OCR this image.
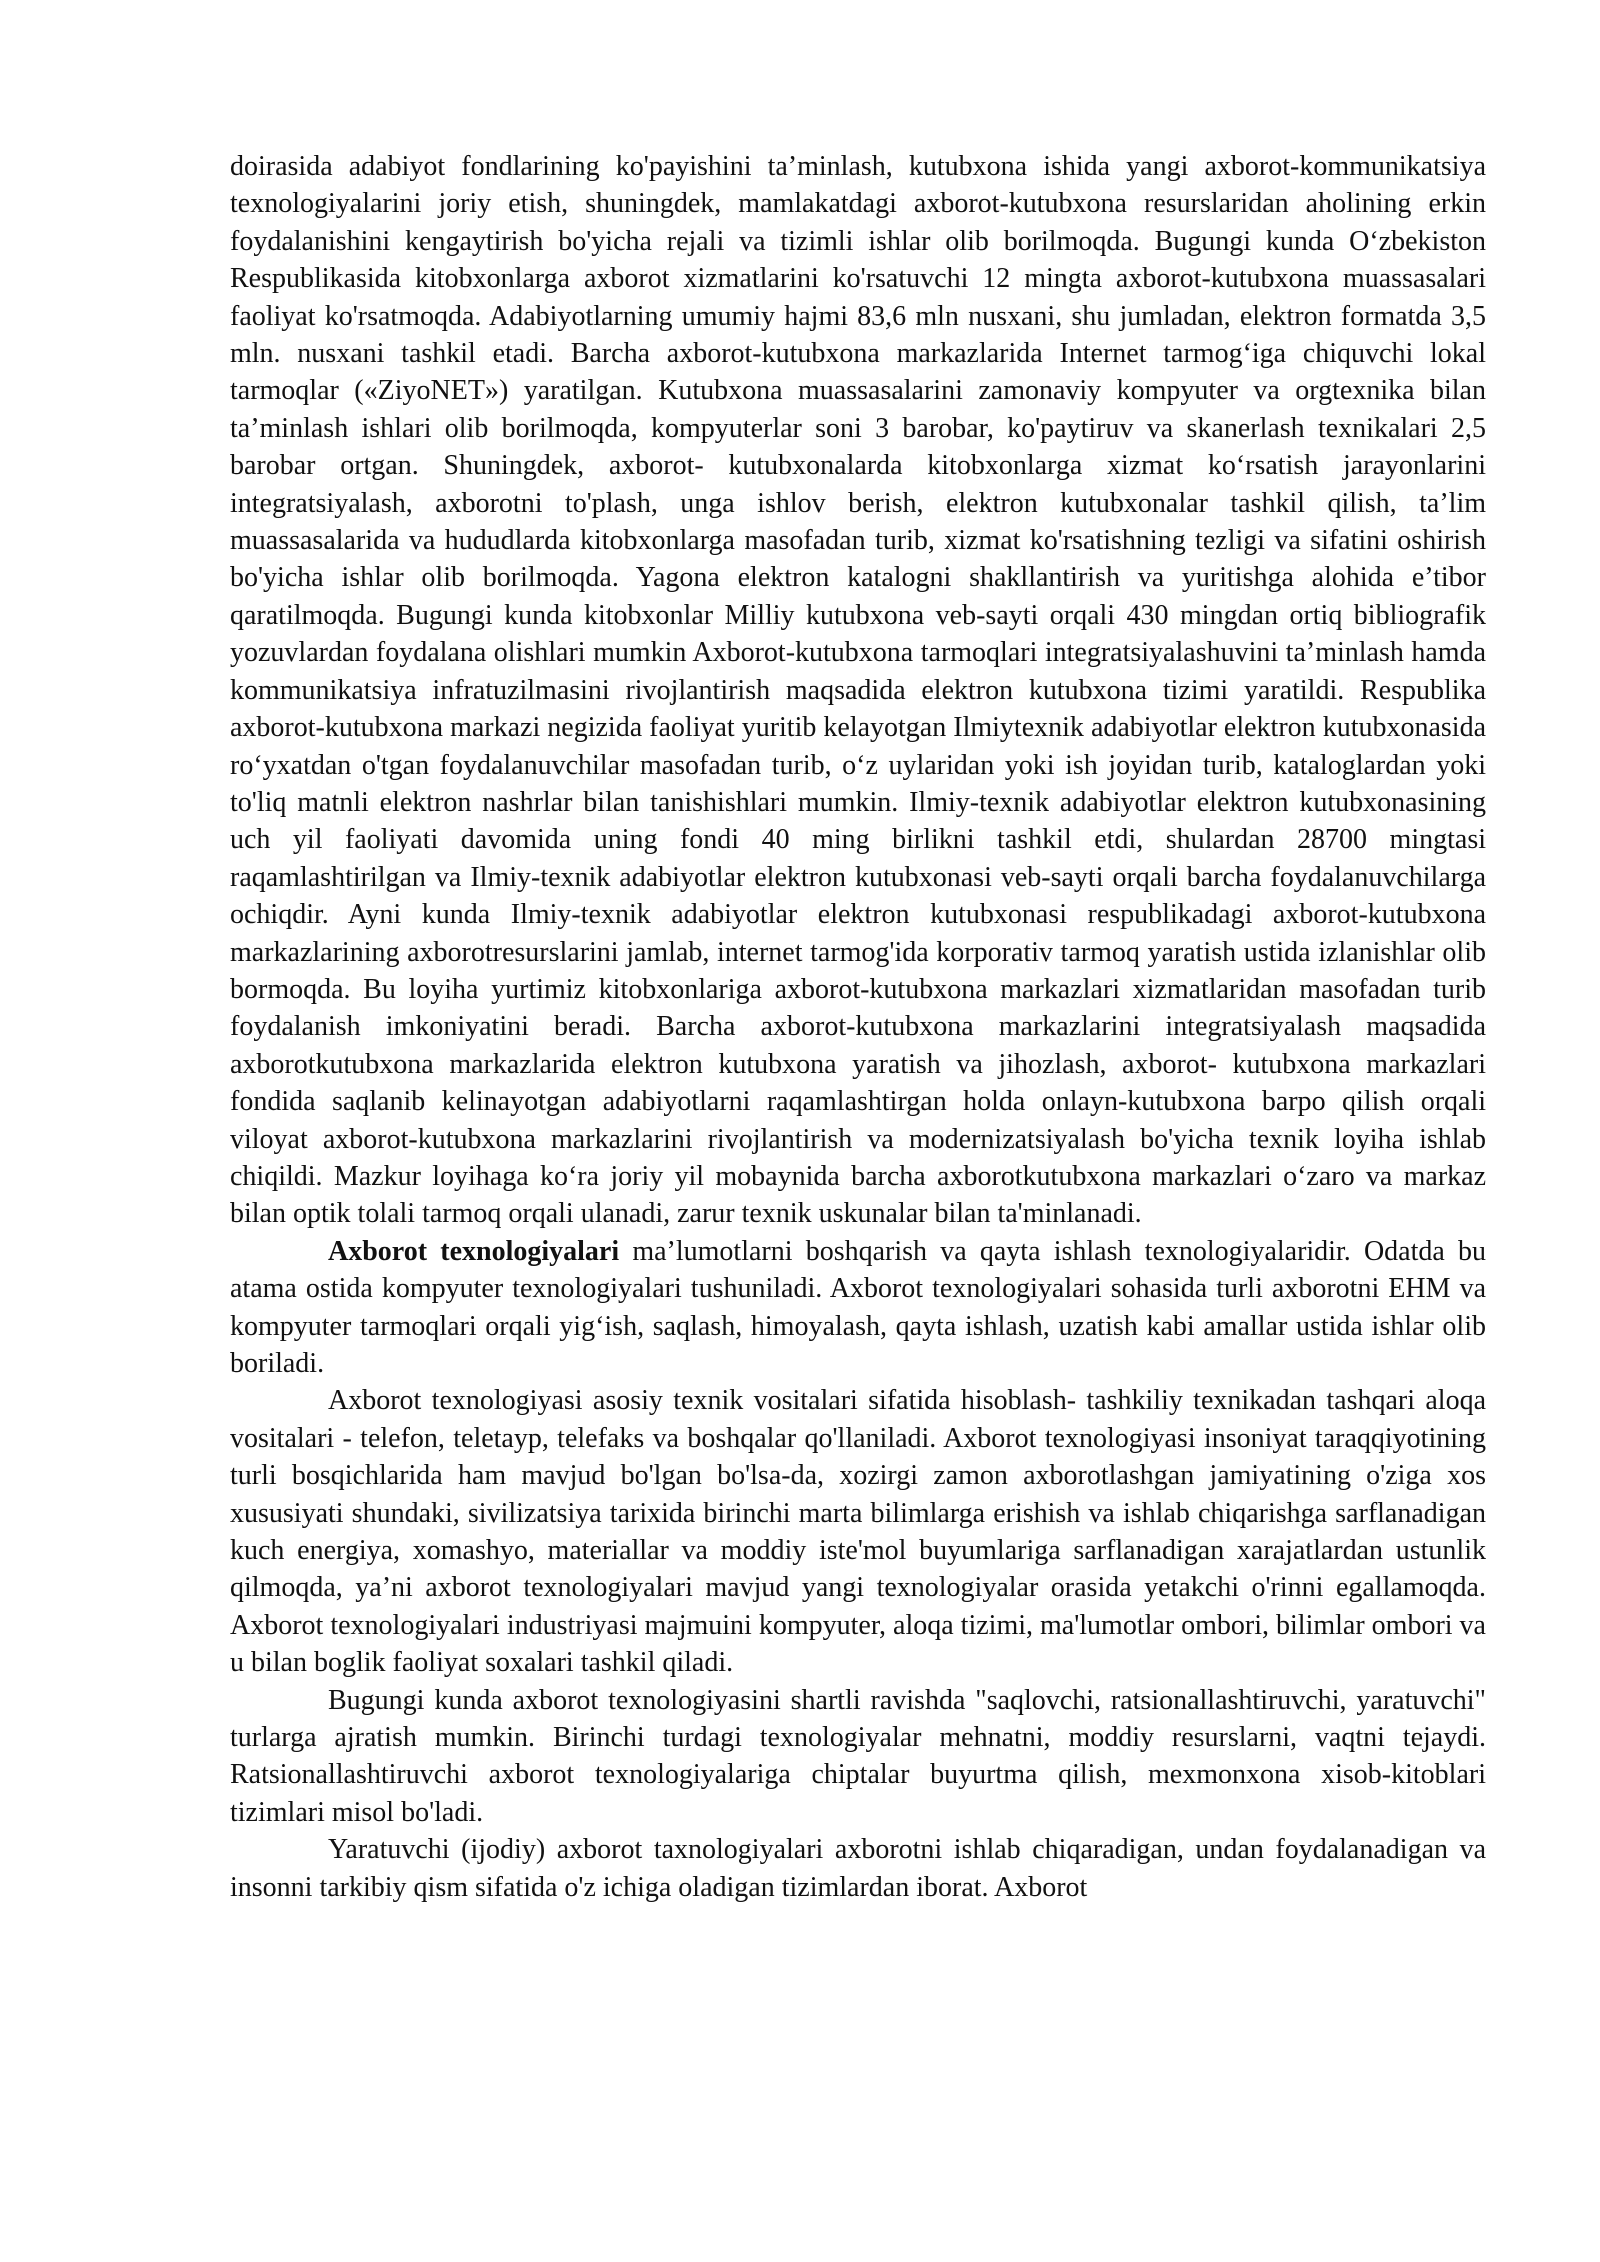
doirasida adabiyot fondlarining ko'payishini ta’minlash, kutubxona ishida yangi axborot-kommunikatsiya texnologiyalarini joriy etish, shuningdek, mamlakatdagi axborot-kutubxona resurslaridan aholining erkin foydalanishini kengaytirish bo'yicha rejali va tizimli ishlar olib borilmoqda. Bugungi kunda O‘zbekiston Respublikasida kitobxonlarga axborot xizmatlarini ko'rsatuvchi 12 mingta axborot-kutubxona muassasalari faoliyat ko'rsatmoqda. Adabiyotlarning umumiy hajmi 83,6 mln nusxani, shu jumladan, elektron formatda 3,5 mln. nusxani tashkil etadi. Barcha axborot-kutubxona markazlarida Internet tarmog‘iga chiquvchi lokal tarmoqlar («ZiyoNET») yaratilgan. Kutubxona muassasalarini zamonaviy kompyuter va orgtexnika bilan ta’minlash ishlari olib borilmoqda, kompyuterlar soni 3 barobar, ko'paytiruv va skanerlash texnikalari 2,5 barobar ortgan. Shuningdek, axborot- kutubxonalarda kitobxonlarga xizmat ko‘rsatish jarayonlarini integratsiyalash, axborotni to'plash, unga ishlov berish, elektron kutubxonalar tashkil qilish, ta’lim muassasalarida va hududlarda kitobxonlarga masofadan turib, xizmat ko'rsatishning tezligi va sifatini oshirish bo'yicha ishlar olib borilmoqda. Yagona elektron katalogni shakllantirish va yuritishga alohida e’tibor qaratilmoqda. Bugungi kunda kitobxonlar Milliy kutubxona veb-sayti orqali 430 mingdan ortiq bibliografik yozuvlardan foydalana olishlari mumkin Axborot-kutubxona tarmoqlari integratsiyalashuvini ta’minlash hamda kommunikatsiya infratuzilmasini rivojlantirish maqsadida elektron kutubxona tizimi yaratildi. Respublika axborot-kutubxona markazi negizida faoliyat yuritib kelayotgan Ilmiytexnik adabiyotlar elektron kutubxonasida ro‘yxatdan o'tgan foydalanuvchilar masofadan turib, o‘z uylaridan yoki ish joyidan turib, kataloglardan yoki to'liq matnli elektron nashrlar bilan tanishishlari mumkin. Ilmiy-texnik adabiyotlar elektron kutubxonasining uch yil faoliyati davomida uning fondi 40 ming birlikni tashkil etdi, shulardan 28700 mingtasi raqamlashtirilgan va Ilmiy-texnik adabiyotlar elektron kutubxonasi veb-sayti orqali barcha foydalanuvchilarga ochiqdir. Ayni kunda Ilmiy-texnik adabiyotlar elektron kutubxonasi respublikadagi axborot-kutubxona markazlarining axborotresurslarini jamlab, internet tarmog'ida korporativ tarmoq yaratish ustida izlanishlar olib bormoqda. Bu loyiha yurtimiz kitobxonlariga axborot-kutubxona markazlari xizmatlaridan masofadan turib foydalanish imkoniyatini beradi. Barcha axborot-kutubxona markazlarini integratsiyalash maqsadida axborotkutubxona markazlarida elektron kutubxona yaratish va jihozlash, axborot- kutubxona markazlari fondida saqlanib kelinayotgan adabiyotlarni raqamlashtirgan holda onlayn-kutubxona barpo qilish orqali viloyat axborot-kutubxona markazlarini rivojlantirish va modernizatsiyalash bo'yicha texnik loyiha ishlab chiqildi. Mazkur loyihaga ko‘ra joriy yil mobaynida barcha axborotkutubxona markazlari o‘zaro va markaz bilan optik tolali tarmoq orqali ulanadi, zarur texnik uskunalar bilan ta'minlanadi.

Axborot texnologiyalari ma’lumotlarni boshqarish va qayta ishlash texnologiyalaridir. Odatda bu atama ostida kompyuter texnologiyalari tushuniladi. Axborot texnologiyalari sohasida turli axborotni EHM va kompyuter tarmoqlari orqali yig‘ish, saqlash, himoyalash, qayta ishlash, uzatish kabi amallar ustida ishlar olib boriladi.

Axborot texnologiyasi asosiy texnik vositalari sifatida hisoblash- tashkiliy texnikadan tashqari aloqa vositalari - telefon, teletayp, telefaks va boshqalar qo'llaniladi. Axborot texnologiyasi insoniyat taraqqiyotining turli bosqichlarida ham mavjud bo'lgan bo'lsa-da, xozirgi zamon axborotlashgan jamiyatining o'ziga xos xususiyati shundaki, sivilizatsiya tarixida birinchi marta bilimlarga erishish va ishlab chiqarishga sarflanadigan kuch energiya, xomashyo, materiallar va moddiy iste'mol buyumlariga sarflanadigan xarajatlardan ustunlik qilmoqda, ya’ni axborot texnologiyalari mavjud yangi texnologiyalar orasida yetakchi o'rinni egallamoqda. Axborot texnologiyalari industriyasi majmuini kompyuter, aloqa tizimi, ma'lumotlar ombori, bilimlar ombori va u bilan boglik faoliyat soxalari tashkil qiladi.

Bugungi kunda axborot texnologiyasini shartli ravishda "saqlovchi, ratsionallashtiruvchi, yaratuvchi" turlarga ajratish mumkin. Birinchi turdagi texnologiyalar mehnatni, moddiy resurslarni, vaqtni tejaydi. Ratsionallashtiruvchi axborot texnologiyalariga chiptalar buyurtma qilish, mexmonxona xisob-kitoblari tizimlari misol bo'ladi.

Yaratuvchi (ijodiy) axborot taxnologiyalari axborotni ishlab chiqaradigan, undan foydalanadigan va insonni tarkibiy qism sifatida o'z ichiga oladigan tizimlardan iborat. Axborot
